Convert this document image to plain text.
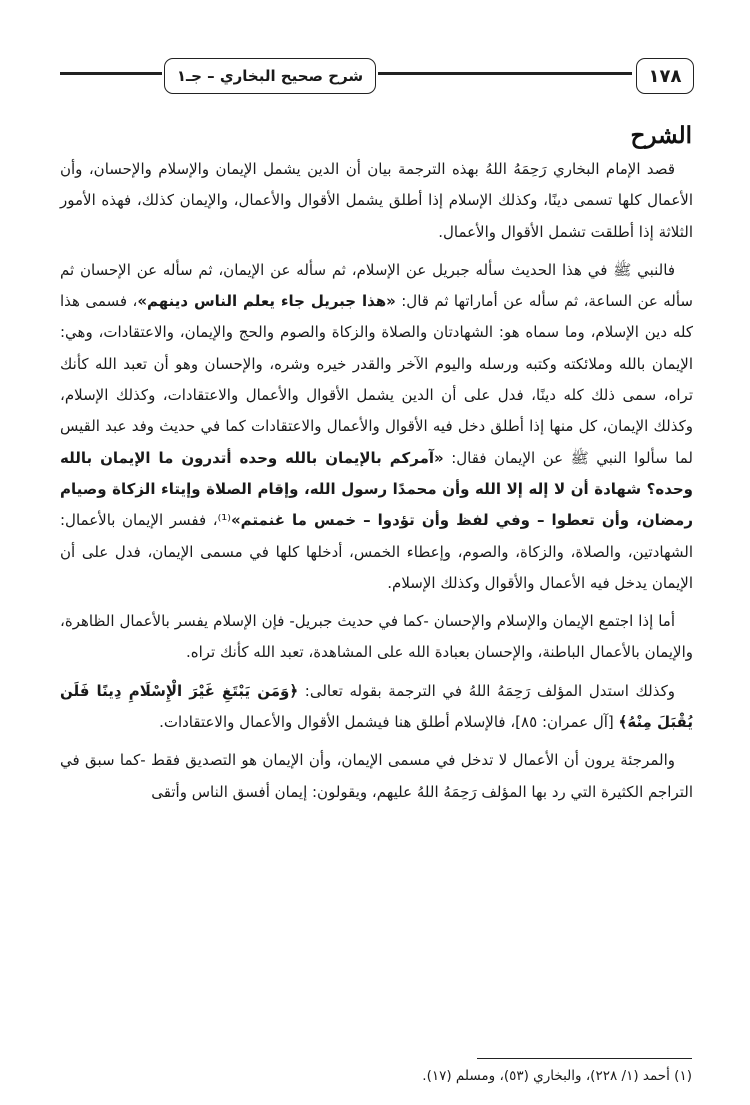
شرح صحيح البخاري – جـ١	١٧٨
الشرح

قصد الإمام البخاري رَحِمَهُ اللهُ بهذه الترجمة بيان أن الدين يشمل الإيمان والإسلام والإحسان، وأن الأعمال كلها تسمى دينًا، وكذلك الإسلام إذا أطلق يشمل الأقوال والأعمال، والإيمان كذلك، فهذه الأمور الثلاثة إذا أطلقت تشمل الأقوال والأعمال.

فالنبي ﷺ في هذا الحديث سأله جبريل عن الإسلام، ثم سأله عن الإيمان، ثم سأله عن الإحسان ثم سأله عن الساعة، ثم سأله عن أماراتها ثم قال: «هذا جبريل جاء يعلم الناس دينهم»، فسمى هذا كله دين الإسلام، وما سماه هو: الشهادتان والصلاة والزكاة والصوم والحج والإيمان، والاعتقادات، وهي: الإيمان بالله وملائكته وكتبه ورسله واليوم الآخر والقدر خيره وشره، والإحسان وهو أن تعبد الله كأنك تراه، سمى ذلك كله دينًا، فدل على أن الدين يشمل الأقوال والأعمال والاعتقادات، وكذلك الإسلام، وكذلك الإيمان، كل منها إذا أطلق دخل فيه الأقوال والأعمال والاعتقادات كما في حديث وفد عبد القيس لما سألوا النبي ﷺ عن الإيمان فقال: «آمركم بالإيمان بالله وحده أتدرون ما الإيمان بالله وحده؟ شهادة أن لا إله إلا الله وأن محمدًا رسول الله، وإقام الصلاة وإيتاء الزكاة وصيام رمضان، وأن تعطوا – وفي لفظ وأن تؤدوا – خمس ما غنمتم»⁽¹⁾، ففسر الإيمان بالأعمال: الشهادتين، والصلاة، والزكاة، والصوم، وإعطاء الخمس، أدخلها كلها في مسمى الإيمان، فدل على أن الإيمان يدخل فيه الأعمال والأقوال وكذلك الإسلام.

أما إذا اجتمع الإيمان والإسلام والإحسان -كما في حديث جبريل- فإن الإسلام يفسر بالأعمال الظاهرة، والإيمان بالأعمال الباطنة، والإحسان بعبادة الله على المشاهدة، تعبد الله كأنك تراه.

وكذلك استدل المؤلف رَحِمَهُ اللهُ في الترجمة بقوله تعالى: ﴿وَمَن يَبْتَغِ غَيْرَ الْإِسْلَامِ دِينًا فَلَن يُقْبَلَ مِنْهُ﴾ [آل عمران: ٨٥]، فالإسلام أطلق هنا فيشمل الأقوال والأعمال والاعتقادات.

والمرجئة يرون أن الأعمال لا تدخل في مسمى الإيمان، وأن الإيمان هو التصديق فقط -كما سبق في التراجم الكثيرة التي رد بها المؤلف رَحِمَهُ اللهُ عليهم، ويقولون: إيمان أفسق الناس وأتقى

(١) أحمد (١/ ٢٢٨)، والبخاري (٥٣)، ومسلم (١٧).
